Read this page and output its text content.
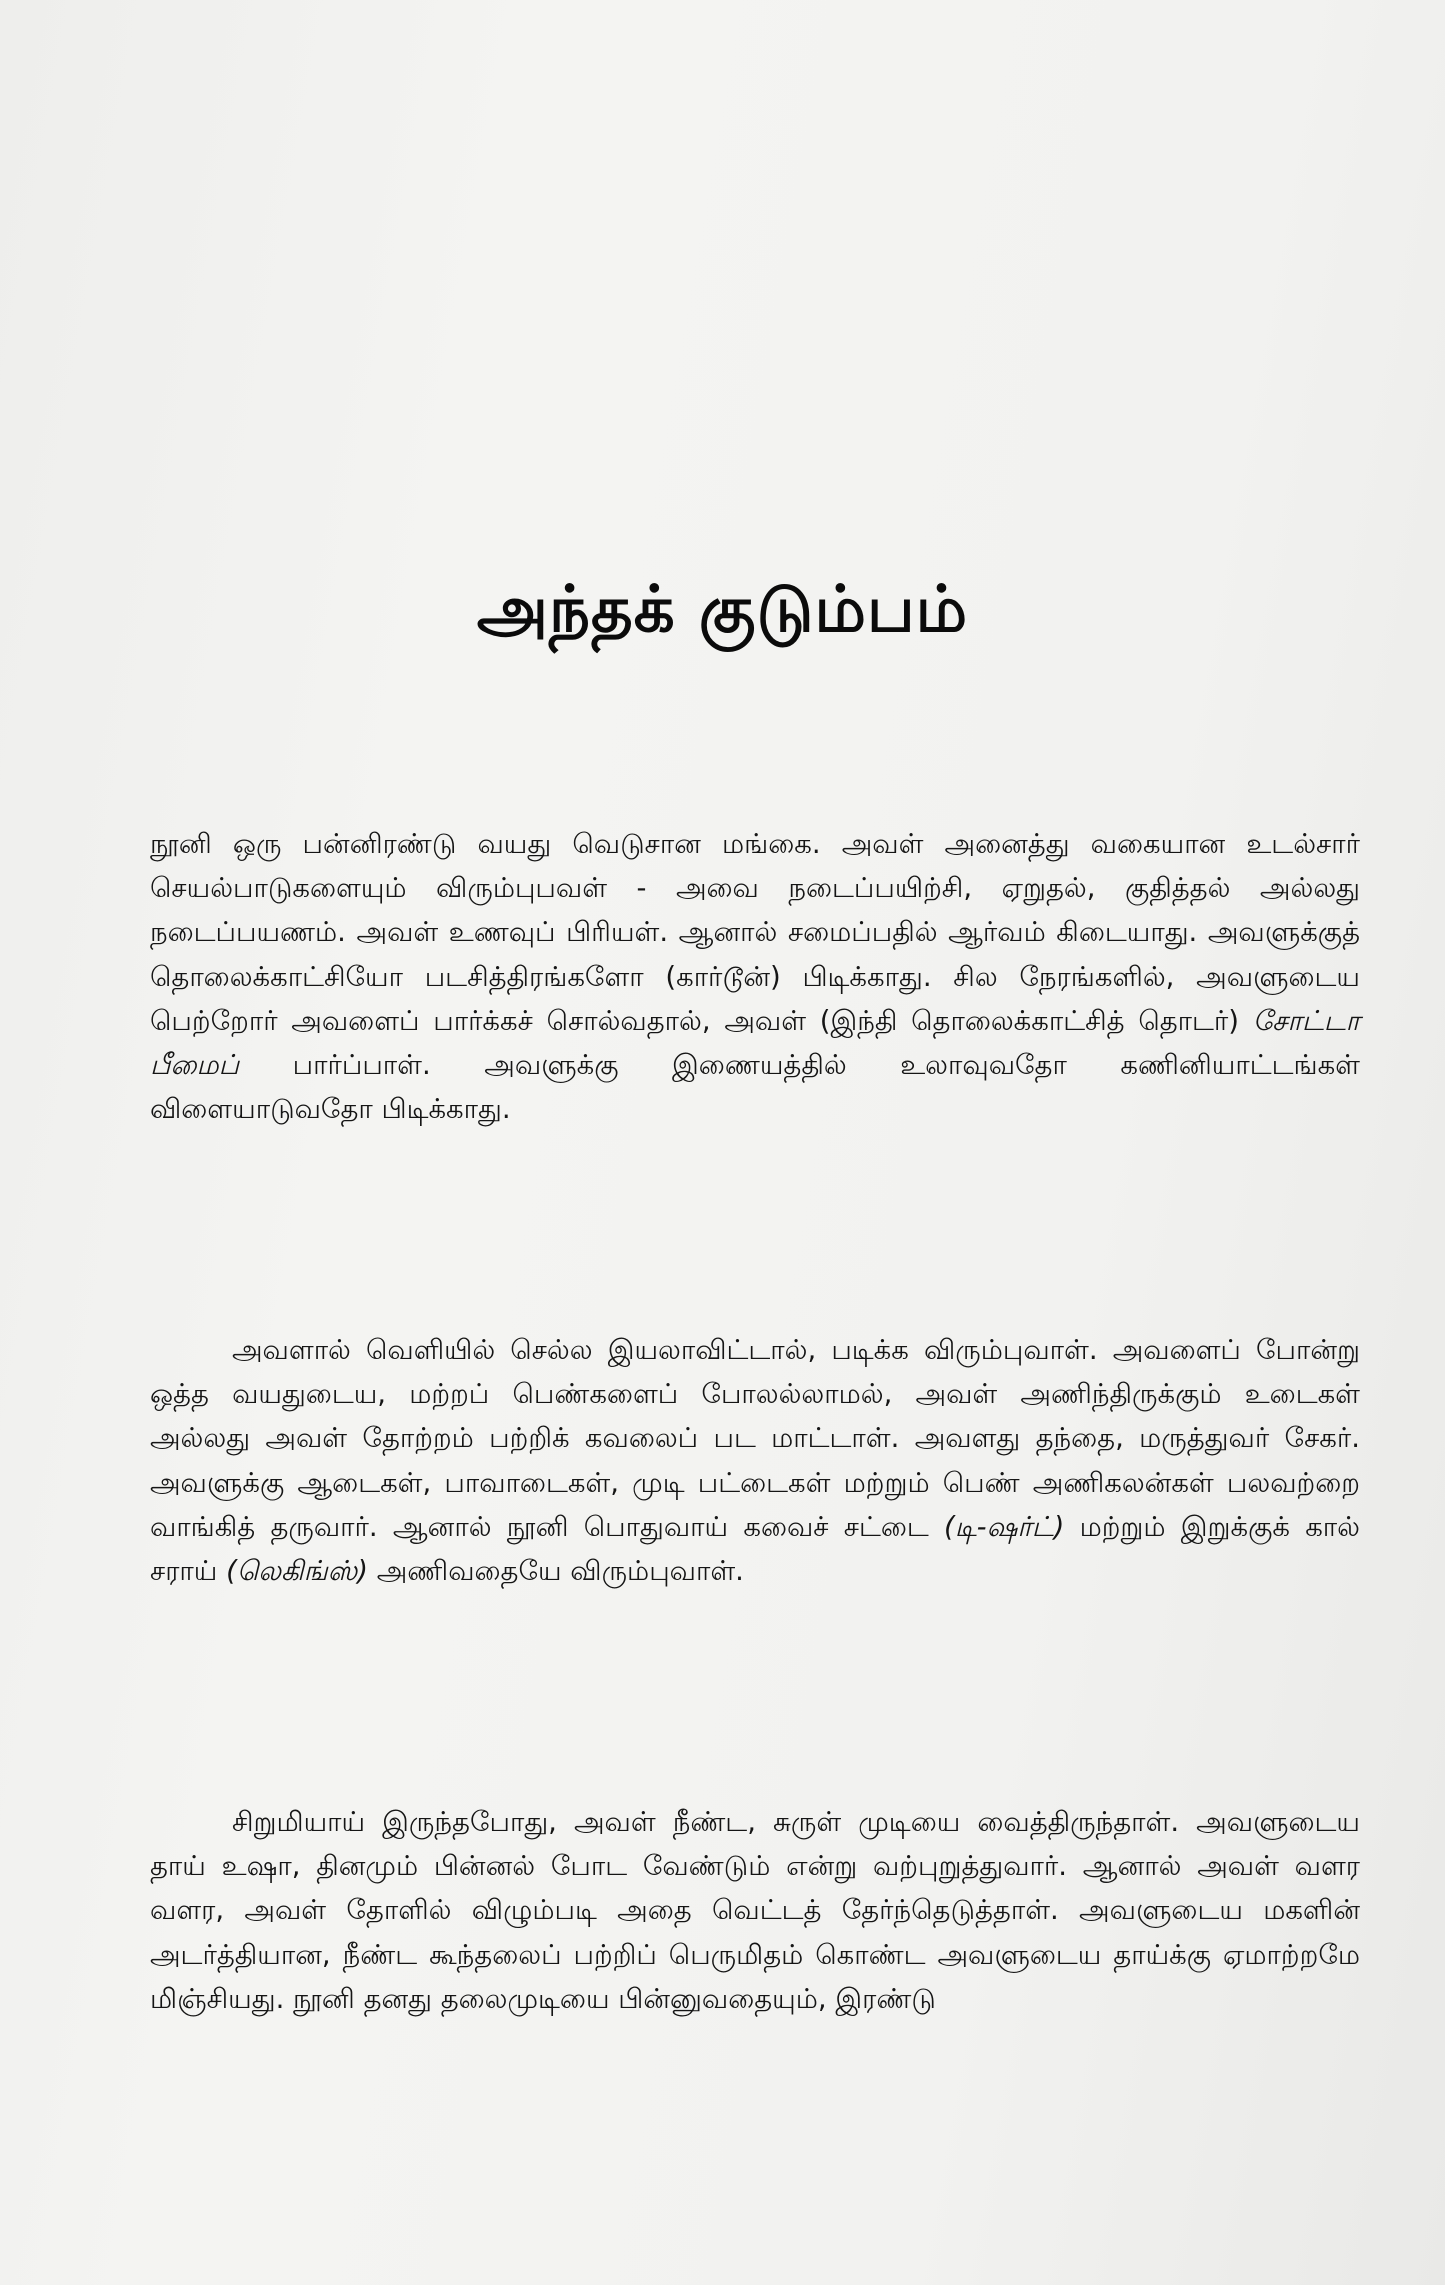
அந்தக் குடும்பம்

நூனி ஒரு பன்னிரண்டு வயது வெடுசான மங்கை. அவள் அனைத்து வகையான உடல்சார் செயல்பாடுகளையும் விரும்புபவள் - அவை நடைப்பயிற்சி, ஏறுதல், குதித்தல் அல்லது நடைப்பயணம். அவள் உணவுப் பிரியள். ஆனால் சமைப்பதில் ஆர்வம் கிடையாது. அவளுக்குத் தொலைக்காட்சியோ படசித்திரங்களோ (கார்டூன்) பிடிக்காது. சில நேரங்களில், அவளுடைய பெற்றோர் அவளைப் பார்க்கச் சொல்வதால், அவள் (இந்தி தொலைக்காட்சித் தொடர்) சோட்டா பீமைப் பார்ப்பாள். அவளுக்கு இணையத்தில் உலாவுவதோ கணினியாட்டங்கள் விளையாடுவதோ பிடிக்காது.

அவளால் வெளியில் செல்ல இயலாவிட்டால், படிக்க விரும்புவாள். அவளைப் போன்று ஒத்த வயதுடைய, மற்றப் பெண்களைப் போலல்லாமல், அவள் அணிந்திருக்கும் உடைகள் அல்லது அவள் தோற்றம் பற்றிக் கவலைப் பட மாட்டாள். அவளது தந்தை, மருத்துவர் சேகர். அவளுக்கு ஆடைகள், பாவாடைகள், முடி பட்டைகள் மற்றும் பெண் அணிகலன்கள் பலவற்றை வாங்கித் தருவார். ஆனால் நூனி பொதுவாய் கவைச் சட்டை (டி-ஷர்ட்) மற்றும் இறுக்குக் கால் சராய் (லெகிங்ஸ்) அணிவதையே விரும்புவாள்.

சிறுமியாய் இருந்தபோது, அவள் நீண்ட, சுருள் முடியை வைத்திருந்தாள். அவளுடைய தாய் உஷா, தினமும் பின்னல் போட வேண்டும் என்று வற்புறுத்துவார். ஆனால் அவள் வளர வளர, அவள் தோளில் விழும்படி அதை வெட்டத் தேர்ந்தெடுத்தாள். அவளுடைய மகளின் அடர்த்தியான, நீண்ட கூந்தலைப் பற்றிப் பெருமிதம் கொண்ட அவளுடைய தாய்க்கு ஏமாற்றமே மிஞ்சியது. நூனி தனது தலைமுடியை பின்னுவதையும், இரண்டு
